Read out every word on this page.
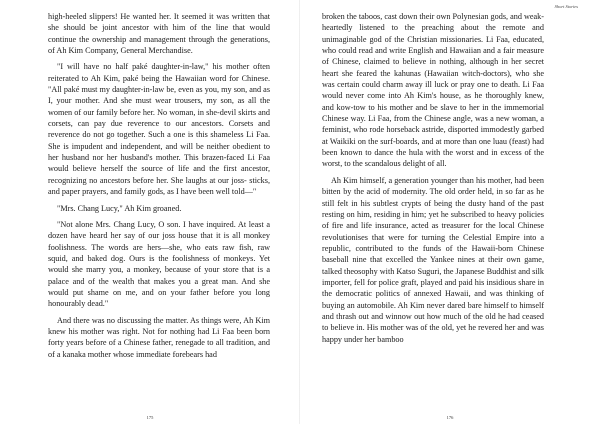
high-heeled slippers! He wanted her. It seemed it was written that she should be joint ancestor with him of the line that would continue the ownership and management through the generations, of Ah Kim Company, General Merchandise.

"I will have no half paké daughter-in-law," his mother often reiterated to Ah Kim, paké being the Hawaiian word for Chinese. "All paké must my daughter-in-law be, even as you, my son, and as I, your mother. And she must wear trousers, my son, as all the women of our family before her. No woman, in she-devil skirts and corsets, can pay due reverence to our ancestors. Corsets and reverence do not go together. Such a one is this shameless Li Faa. She is impudent and independent, and will be neither obedient to her husband nor her husband's mother. This brazen-faced Li Faa would believe herself the source of life and the first ancestor, recognizing no ancestors before her. She laughs at our joss- sticks, and paper prayers, and family gods, as I have been well told—"

"Mrs. Chang Lucy," Ah Kim groaned.

"Not alone Mrs. Chang Lucy, O son. I have inquired. At least a dozen have heard her say of our joss house that it is all monkey foolishness. The words are hers—she, who eats raw fish, raw squid, and baked dog. Ours is the foolishness of monkeys. Yet would she marry you, a monkey, because of your store that is a palace and of the wealth that makes you a great man. And she would put shame on me, and on your father before you long honourably dead."

And there was no discussing the matter. As things were, Ah Kim knew his mother was right. Not for nothing had Li Faa been born forty years before of a Chinese father, renegade to all tradition, and of a kanaka mother whose immediate forebears had

175
Short Stories

broken the taboos, cast down their own Polynesian gods, and weak-heartedly listened to the preaching about the remote and unimaginable god of the Christian missionaries. Li Faa, educated, who could read and write English and Hawaiian and a fair measure of Chinese, claimed to believe in nothing, although in her secret heart she feared the kahunas (Hawaiian witch-doctors), who she was certain could charm away ill luck or pray one to death. Li Faa would never come into Ah Kim's house, as he thoroughly knew, and kow-tow to his mother and be slave to her in the immemorial Chinese way. Li Faa, from the Chinese angle, was a new woman, a feminist, who rode horseback astride, disported immodestly garbed at Waikiki on the surf-boards, and at more than one luau (feast) had been known to dance the hula with the worst and in excess of the worst, to the scandalous delight of all.

Ah Kim himself, a generation younger than his mother, had been bitten by the acid of modernity. The old order held, in so far as he still felt in his subtlest crypts of being the dusty hand of the past resting on him, residing in him; yet he subscribed to heavy policies of fire and life insurance, acted as treasurer for the local Chinese revolutionises that were for turning the Celestial Empire into a republic, contributed to the funds of the Hawaii-born Chinese baseball nine that excelled the Yankee nines at their own game, talked theosophy with Katso Suguri, the Japanese Buddhist and silk importer, fell for police graft, played and paid his insidious share in the democratic politics of annexed Hawaii, and was thinking of buying an automobile. Ah Kim never dared bare himself to himself and thrash out and winnow out how much of the old he had ceased to believe in. His mother was of the old, yet he revered her and was happy under her bamboo

176
